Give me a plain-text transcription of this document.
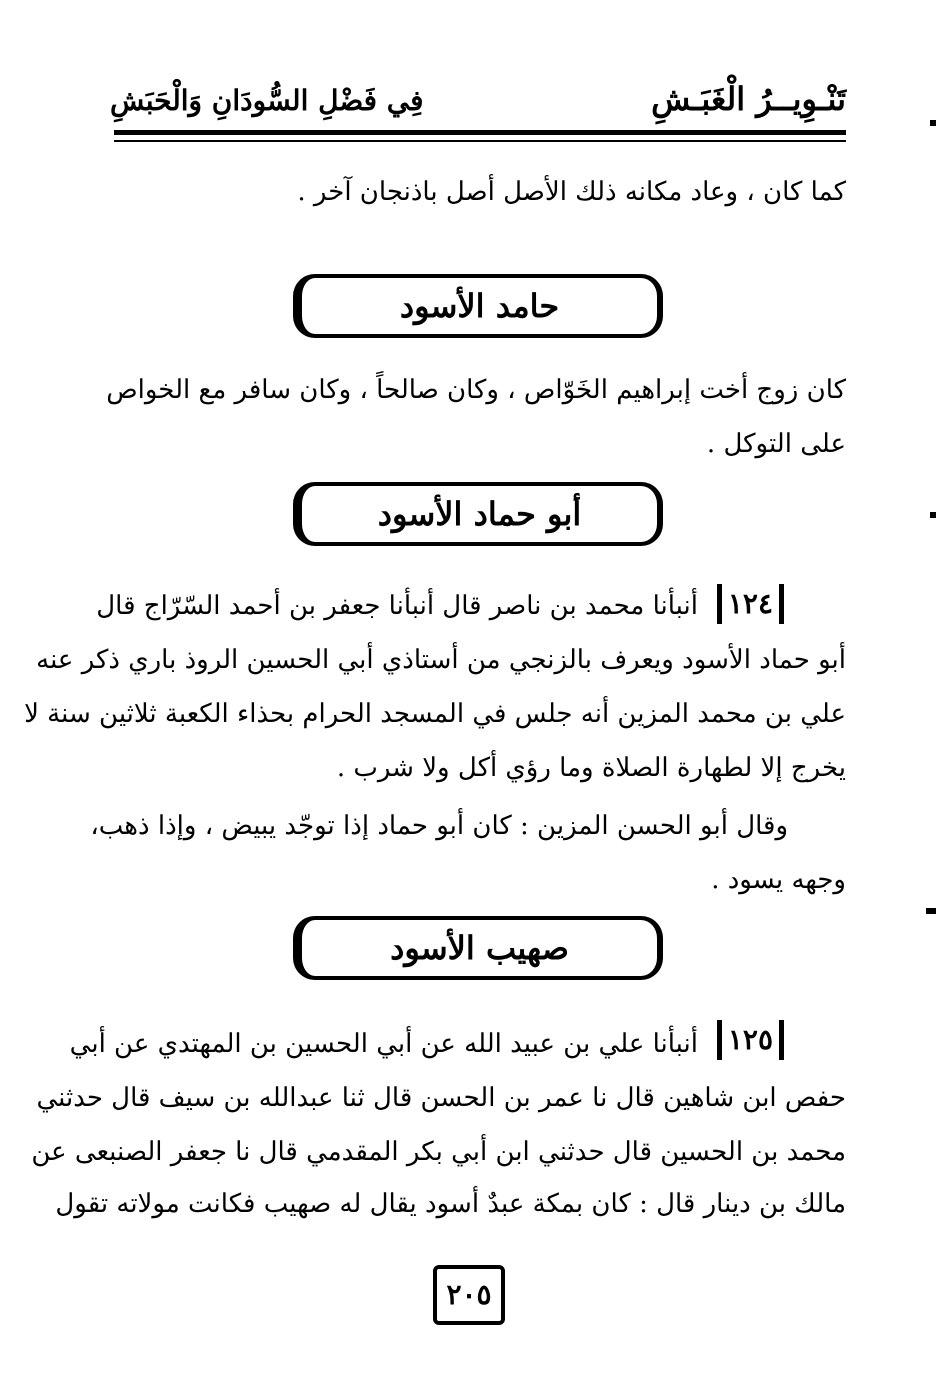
تَنْـوِيــرُ الْغَبَـشِ
فِي فَضْلِ السُّودَانِ وَالْحَبَشِ
كما كان ، وعاد مكانه ذلك الأصل أصل باذنجان آخر .
حامد الأسود
كان زوج أخت إبراهيم الخَوّاص ، وكان صالحاً ، وكان سافر مع الخواص
على التوكل .
أبو حماد الأسود
١٢٤
أنبأنا محمد بن ناصر قال أنبأنا جعفر بن أحمد السّرّاج قال
أبو حماد الأسود ويعرف بالزنجي من أستاذي أبي الحسين الروذ باري ذكر عنه
علي بن محمد المزين أنه جلس في المسجد الحرام بحذاء الكعبة ثلاثين سنة لا
يخرج إلا لطهارة الصلاة وما رؤي أكل ولا شرب .
وقال أبو الحسن المزين : كان أبو حماد إذا توجّد يبيض ، وإذا ذهب،
وجهه يسود .
صهيب الأسود
١٢٥
أنبأنا علي بن عبيد الله عن أبي الحسين بن المهتدي عن أبي
حفص ابن شاهين قال نا عمر بن الحسن قال ثنا عبدالله بن سيف قال حدثني
محمد بن الحسين قال حدثني ابن أبي بكر المقدمي قال نا جعفر الصنبعى عن
مالك بن دينار قال : كان بمكة عبدٌ أسود يقال له صهيب فكانت مولاته تقول
٢٠٥
